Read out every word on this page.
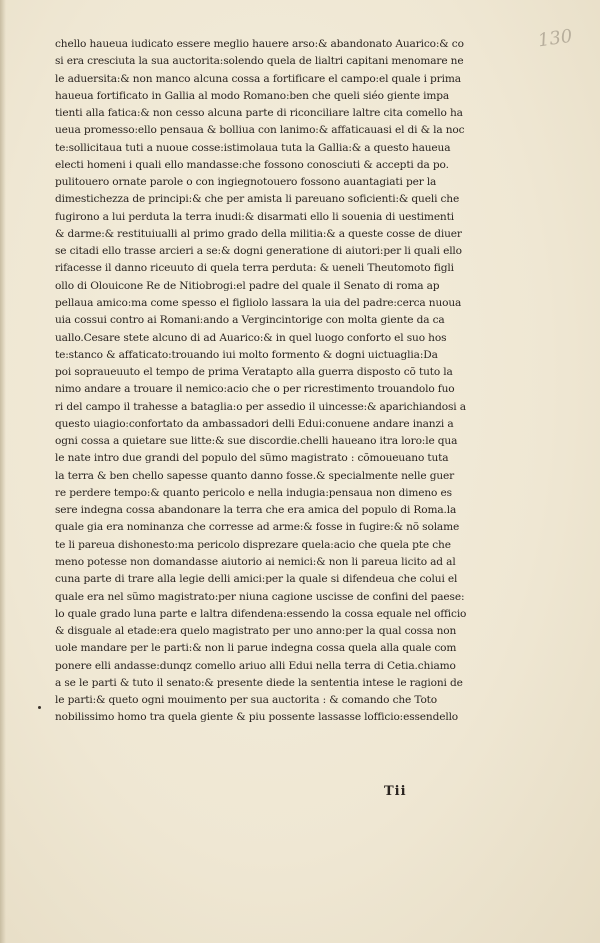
130
chello haueua iudicato essere meglio hauere arso:& abandonato Auarico:& co
si era cresciuta la sua auctorita:solendo quela de lialtri capitani menomare ne
le aduersita:& non manco alcuna cossa a fortificare el campo:el quale i prima
haueua fortificato in Gallia al modo Romano:ben che queli siéo giente impa
tienti alla fatica:& non cesso alcuna parte di riconciliare laltre cita comello ha
ueua promesso:ello pensaua & bolliua con lanimo:& affaticauasi el di & la noc
te:sollicitaua tuti a nuoue cosse:istimolaua tuta la Gallia:& a questo haueua
electi homeni i quali ello mandasse:che fossono conosciuti & accepti da po.
pulitouero ornate parole o con ingiegnotouero fossono auantagiati per la
dimestichezza de principi:& che per amista li pareuano soficienti:& queli che
fugirono a lui perduta la terra inudi:& disarmati ello li souenia di uestimenti
& darme:& restituiualli al primo grado della militia:& a queste cosse de diuer
se citadi ello trasse arcieri a se:& dogni generatione di aiutori:per li quali ello
rifacesse il danno riceuuto di quela terra perduta: & ueneli Theutomoto figli
ollo di Olouicone Re de Nitiobrogi:el padre del quale il Senato di roma ap
pellaua amico:ma come spesso el figliolo lassara la uia del padre:cerca nuoua
uia cossui contro ai Romani:ando a Vergincintorige con molta giente da ca
uallo.Cesare stete alcuno di ad Auarico:& in quel luogo conforto el suo hos
te:stanco & affaticato:trouando iui molto formento & dogni uictuaglia:Da
poi sopraueuuto el tempo de prima Veratapto alla guerra disposto cõ tuto la
nimo andare a trouare il nemico:acio che o per ricrestimento trouandolo fuo
ri del campo il trahesse a bataglia:o per assedio il uincesse:& aparichiandosi a
questo uiagio:confortato da ambassadori delli Edui:conuene andare inanzi a
ogni cossa a quietare sue litte:& sue discordie.chelli haueano itra loro:le qua
le nate intro due grandi del populo del sũmo magistrato : cõmoueuano tuta
la terra & ben chello sapesse quanto danno fosse.& specialmente nelle guer
re perdere tempo:& quanto pericolo e nella indugia:pensaua non dimeno es
sere indegna cossa abandonare la terra che era amica del populo di Roma.la
quale gia era nominanza che corresse ad arme:& fosse in fugire:& nõ solame
te li pareua dishonesto:ma pericolo disprezare quela:acio che quela pte che
meno potesse non domandasse aiutorio ai nemici:& non li pareua licito ad al
cuna parte di trare alla legie delli amici:per la quale si difendeua che colui el
quale era nel sũmo magistrato:per niuna cagione uscisse de confini del paese:
lo quale grado luna parte e laltra difendena:essendo la cossa equale nel officio
& disguale al etade:era quelo magistrato per uno anno:per la qual cossa non
uole mandare per le parti:& non li parue indegna cossa quela alla quale com
ponere elli andasse:dunqz comello ariuo alli Edui nella terra di Cetia.chiamo
a se le parti & tuto il senato:& presente diede la sententia intese le ragioni de
le parti:& queto ogni mouimento per sua auctorita : & comando che Toto
nobilissimo homo tra quela giente & piu possente lassasse lofficio:essendello
Tii
